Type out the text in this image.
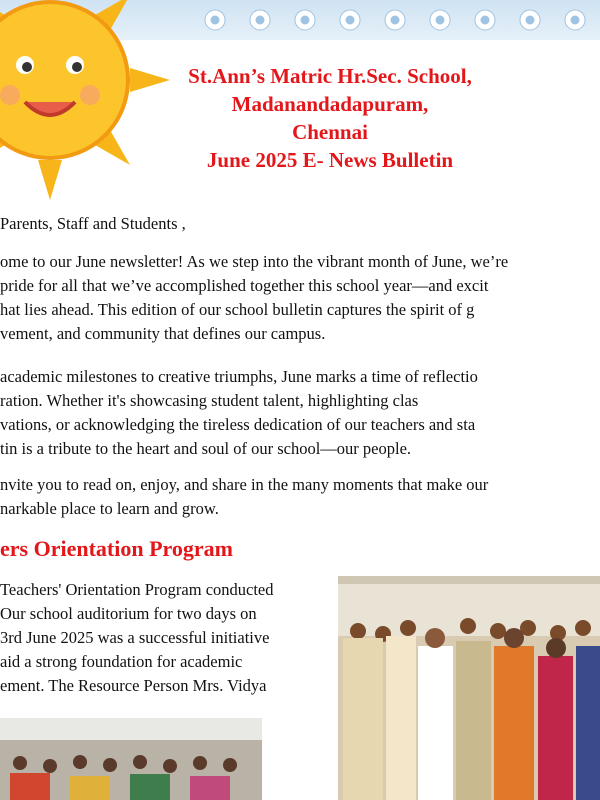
St.Ann’s Matric Hr.Sec. School,
Madanandadapuram,
Chennai
June 2025 E- News Bulletin
Parents, Staff and Students ,
ome to our June newsletter! As we step into the vibrant month of June, we’re
pride for all that we’ve accomplished together this school year—and excit
hat lies ahead. This edition of our school bulletin captures the spirit of g
vement, and community that defines our campus.
academic milestones to creative triumphs, June marks a time of reflectio
ration. Whether it's showcasing student talent, highlighting clas
vations, or acknowledging the tireless dedication of our teachers and sta
tin is a tribute to the heart and soul of our school—our people.
nvite you to read on, enjoy, and share in the many moments that make our
narkable place to learn and grow.
ers Orientation Program
Teachers' Orientation Program conducted
Our school auditorium for two days on
3rd June 2025 was a successful initiative
aid a strong foundation for academic
ement. The Resource Person Mrs. Vidya
